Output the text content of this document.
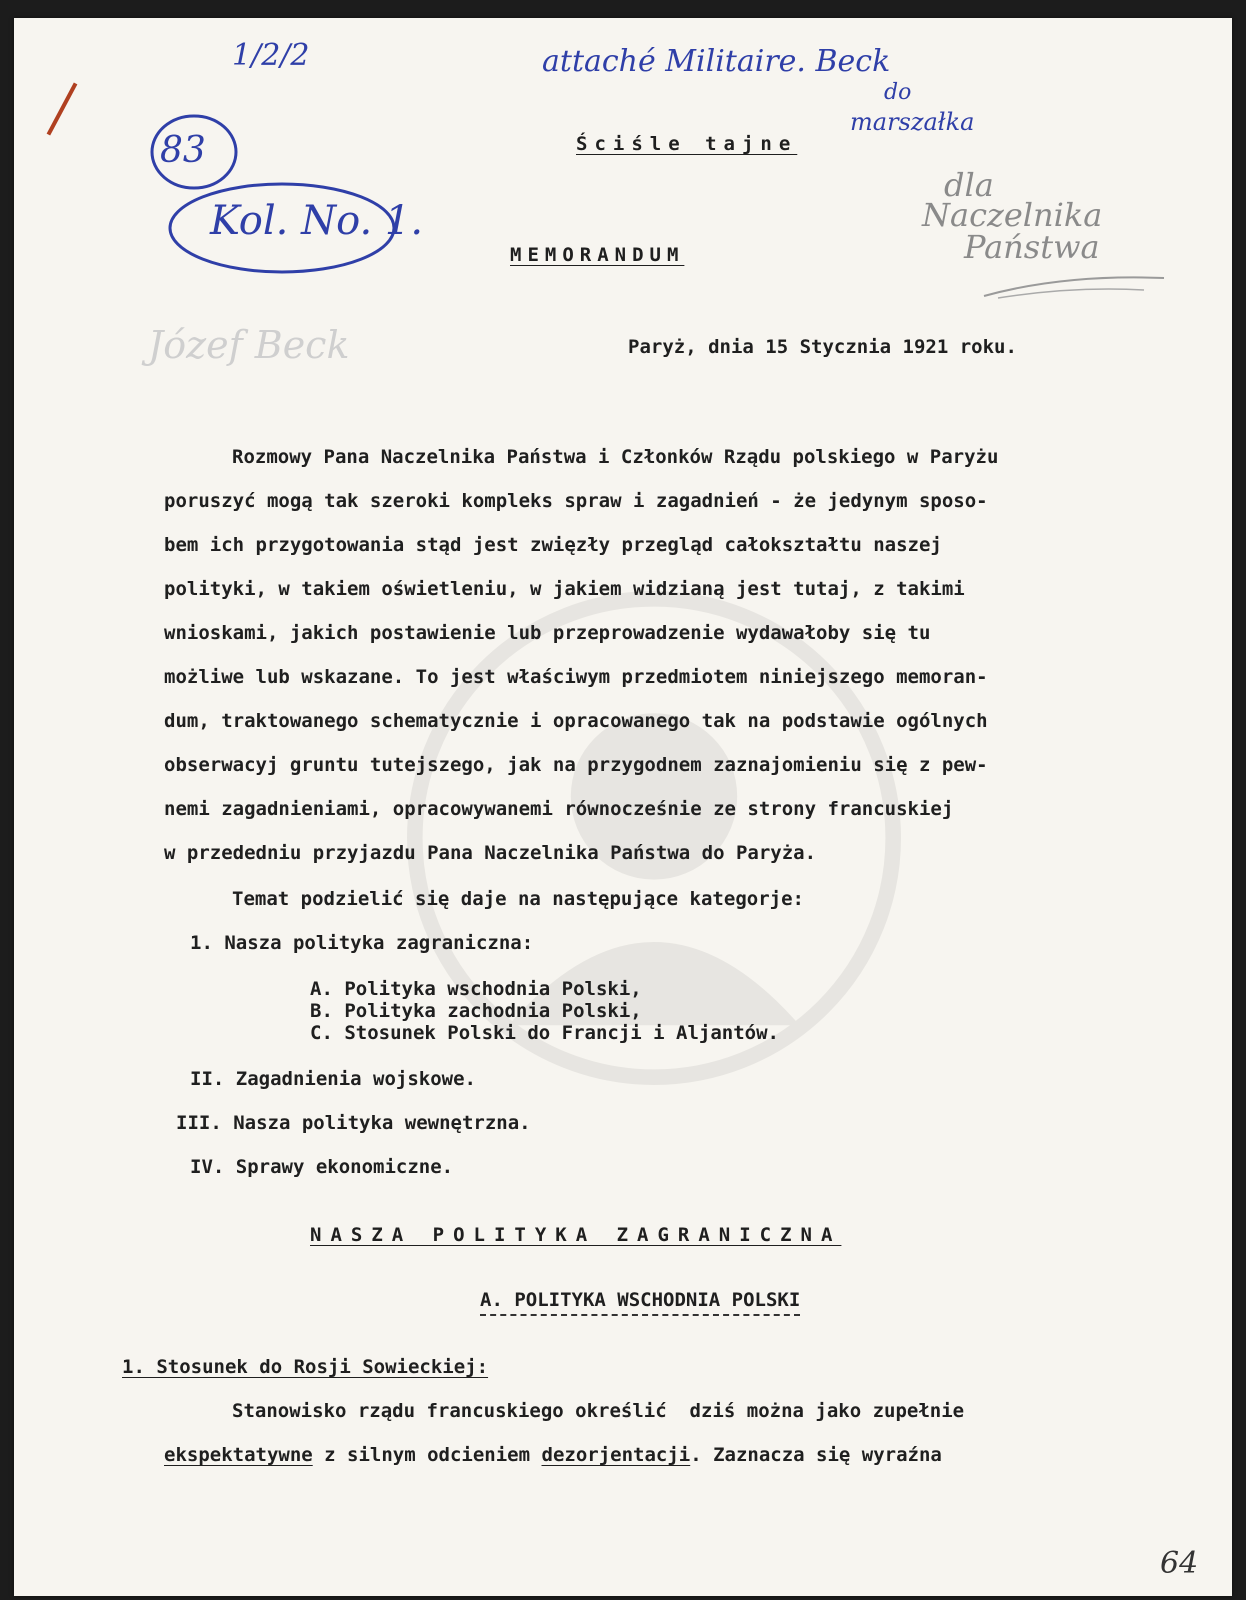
1/2/2	attaché Militaire. Beck
do
marszałka
83
Kol. No. 1.
dla
Naczelnika
Państwa
Józef Beck
Ściśle tajne
MEMORANDUM
Paryż, dnia 15 Stycznia 1921 roku.
Rozmowy Pana Naczelnika Państwa i Członków Rządu polskiego w Paryżu
poruszyć mogą tak szeroki kompleks spraw i zagadnień - że jedynym sposo-
bem ich przygotowania stąd jest zwięzły przegląd całokształtu naszej
polityki, w takiem oświetleniu, w jakiem widzianą jest tutaj, z takimi
wnioskami, jakich postawienie lub przeprowadzenie wydawałoby się tu
możliwe lub wskazane. To jest właściwym przedmiotem niniejszego memoran-
dum, traktowanego schematycznie i opracowanego tak na podstawie ogólnych
obserwacyj gruntu tutejszego, jak na przygodnem zaznajomieniu się z pew-
nemi zagadnieniami, opracowywanemi równocześnie ze strony francuskiej
w przededniu przyjazdu Pana Naczelnika Państwa do Paryża.
Temat podzielić się daje na następujące kategorje:
1. Nasza polityka zagraniczna:
A. Polityka wschodnia Polski,
B. Polityka zachodnia Polski,
C. Stosunek Polski do Francji i Aljantów.
II. Zagadnienia wojskowe.
III. Nasza polityka wewnętrzna.
IV. Sprawy ekonomiczne.
NASZA POLITYKA ZAGRANICZNA
A. POLITYKA WSCHODNIA POLSKI
1. Stosunek do Rosji Sowieckiej:
Stanowisko rządu francuskiego określić  dziś można jako zupełnie
ekspektatywne z silnym odcieniem dezorjentacji. Zaznacza się wyraźna
64
